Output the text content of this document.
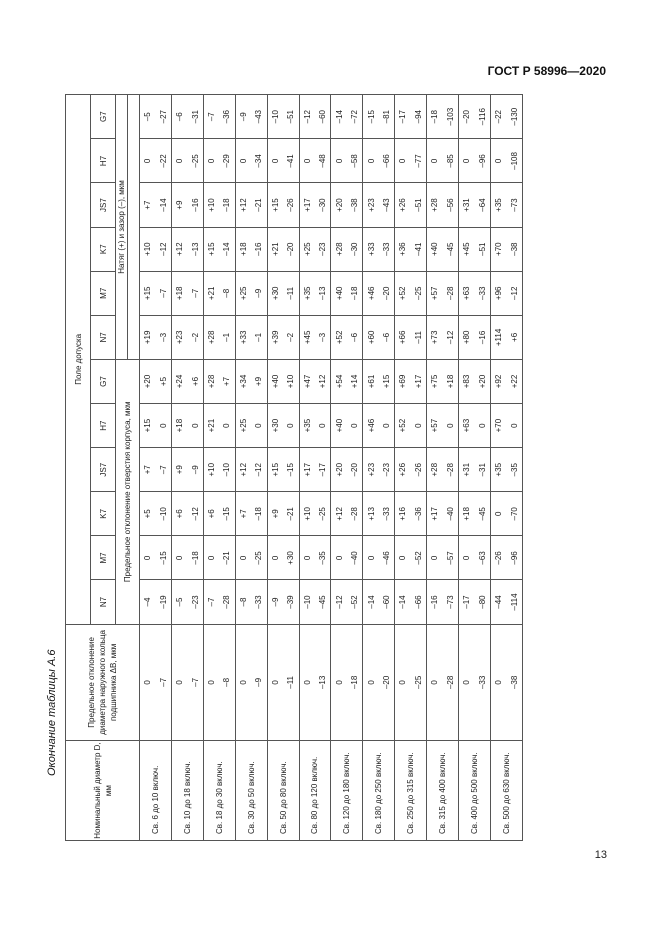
ГОСТ Р 58996—2020
Окончание таблицы А.6
13
Номинальный диаметр D, мм	Предельное отклонение диаметра наружного кольца подшипника ΔB, мкм	Поле допуска											
		N7	M7	K7	JS7	H7	G7	N7	M7	K7	JS7	H7	G7
		Предельное отклонение отверстия корпуса, мкм						Натяг (+) и зазор (–), мкм					

Св. 6 до 10 включ.	0 –7	–4 –19	0 –15	+5 –10	+7 –7	+15 0	+20 +5	+19 –3	+15 –7	+10 –12	+7 –14	0 –22	–5 –27

Св. 10 до 18 включ.	0 –7	–5 –23	0 –18	+6 –12	+9 –9	+18 0	+24 +6	+23 –2	+18 –7	+12 –13	+9 –16	0 –25	–6 –31

Св. 18 до 30 включ.	0 –8	–7 –28	0 –21	+6 –15	+10 –10	+21 0	+28 +7	+28 –1	+21 –8	+15 –14	+10 –18	0 –29	–7 –36

Св. 30 до 50 включ.	0 –9	–8 –33	0 –25	+7 –18	+12 –12	+25 0	+34 +9	+33 –1	+25 –9	+18 –16	+12 –21	0 –34	–9 –43

Св. 50 до 80 включ.	0 –11	–9 –39	0 +30	+9 –21	+15 –15	+30 0	+40 +10	+39 –2	+30 –11	+21 –20	+15 –26	0 –41	–10 –51

Св. 80 до 120 включ.	0 –13	–10 –45	0 –35	+10 –25	+17 –17	+35 0	+47 +12	+45 –3	+35 –13	+25 –23	+17 –30	0 –48	–12 –60

Св. 120 до 180 включ.	0 –18	–12 –52	0 –40	+12 –28	+20 –20	+40 0	+54 +14	+52 –6	+40 –18	+28 –30	+20 –38	0 –58	–14 –72

Св. 180 до 250 включ.	0 –20	–14 –60	0 –46	+13 –33	+23 –23	+46 0	+61 +15	+60 –6	+46 –20	+33 –33	+23 –43	0 –66	–15 –81

Св. 250 до 315 включ.	0 –25	–14 –66	0 –52	+16 –36	+26 –26	+52 0	+69 +17	+66 –11	+52 –25	+36 –41	+26 –51	0 –77	–17 –94

Св. 315 до 400 включ.	0 –28	–16 –73	0 –57	+17 –40	+28 –28	+57 0	+75 +18	+73 –12	+57 –28	+40 –45	+28 –56	0 –85	–18 –103

Св. 400 до 500 включ.	0 –33	–17 –80	0 –63	+18 –45	+31 –31	+63 0	+83 +20	+80 –16	+63 –33	+45 –51	+31 –64	0 –96	–20 –116

Св. 500 до 630 включ.	0 –38	–44 –114	–26 –96	0 –70	+35 –35	+70 0	+92 +22	+114 +6	+96 –12	+70 –38	+35 –73	0 –108	–22 –130
